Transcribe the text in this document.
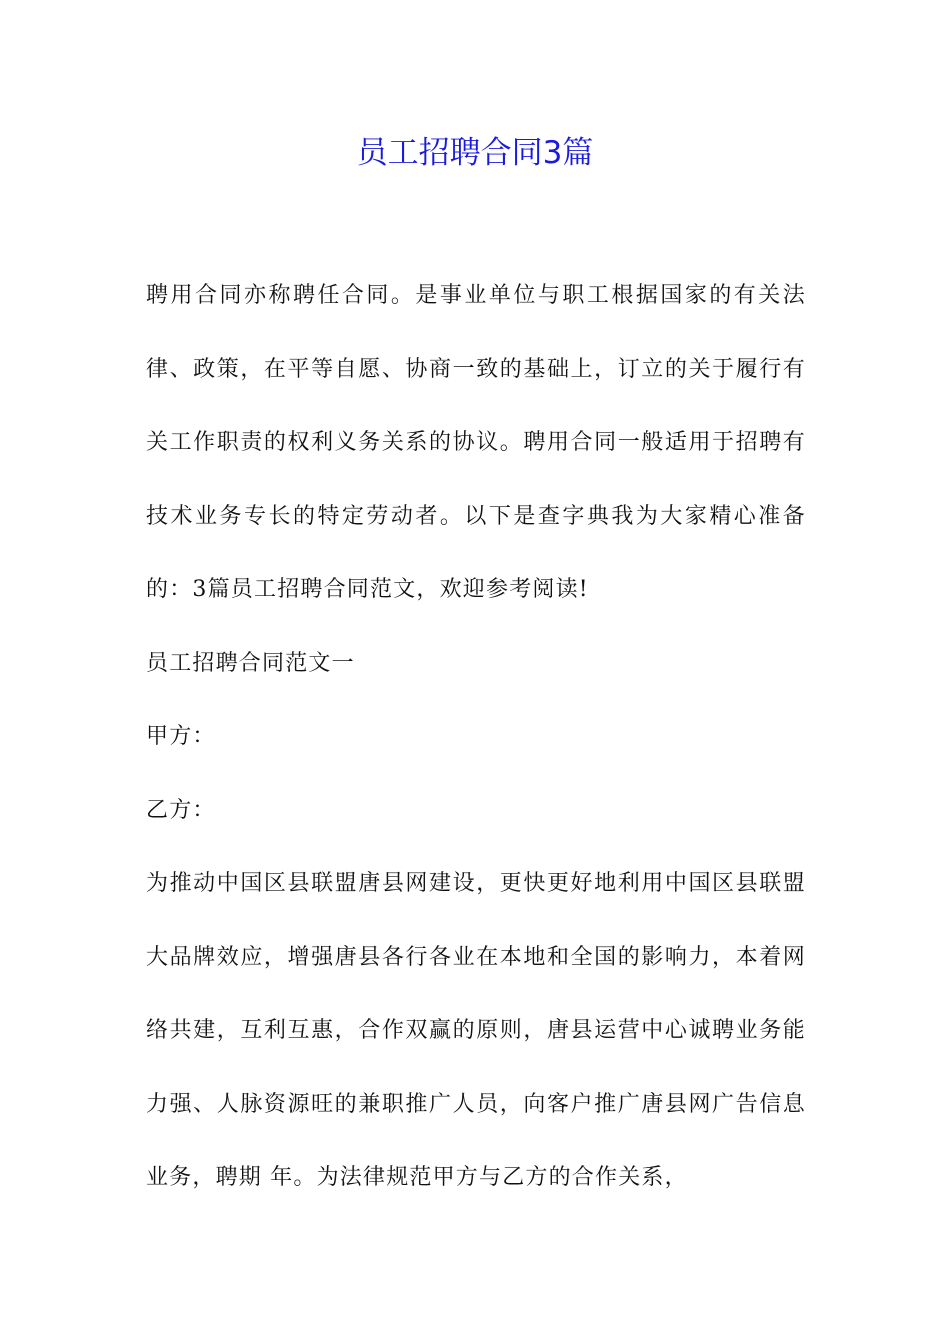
员工招聘合同3篇

聘用合同亦称聘任合同。是事业单位与职工根据国家的有关法律、政策，在平等自愿、协商一致的基础上，订立的关于履行有关工作职责的权利义务关系的协议。聘用合同一般适用于招聘有技术业务专长的特定劳动者。以下是查字典我为大家精心准备的：3篇员工招聘合同范文，欢迎参考阅读!

员工招聘合同范文一

甲方：

乙方：

为推动中国区县联盟唐县网建设，更快更好地利用中国区县联盟大品牌效应，增强唐县各行各业在本地和全国的影响力，本着网络共建，互利互惠，合作双赢的原则，唐县运营中心诚聘业务能力强、人脉资源旺的兼职推广人员，向客户推广唐县网广告信息业务，聘期 年。为法律规范甲方与乙方的合作关系，
